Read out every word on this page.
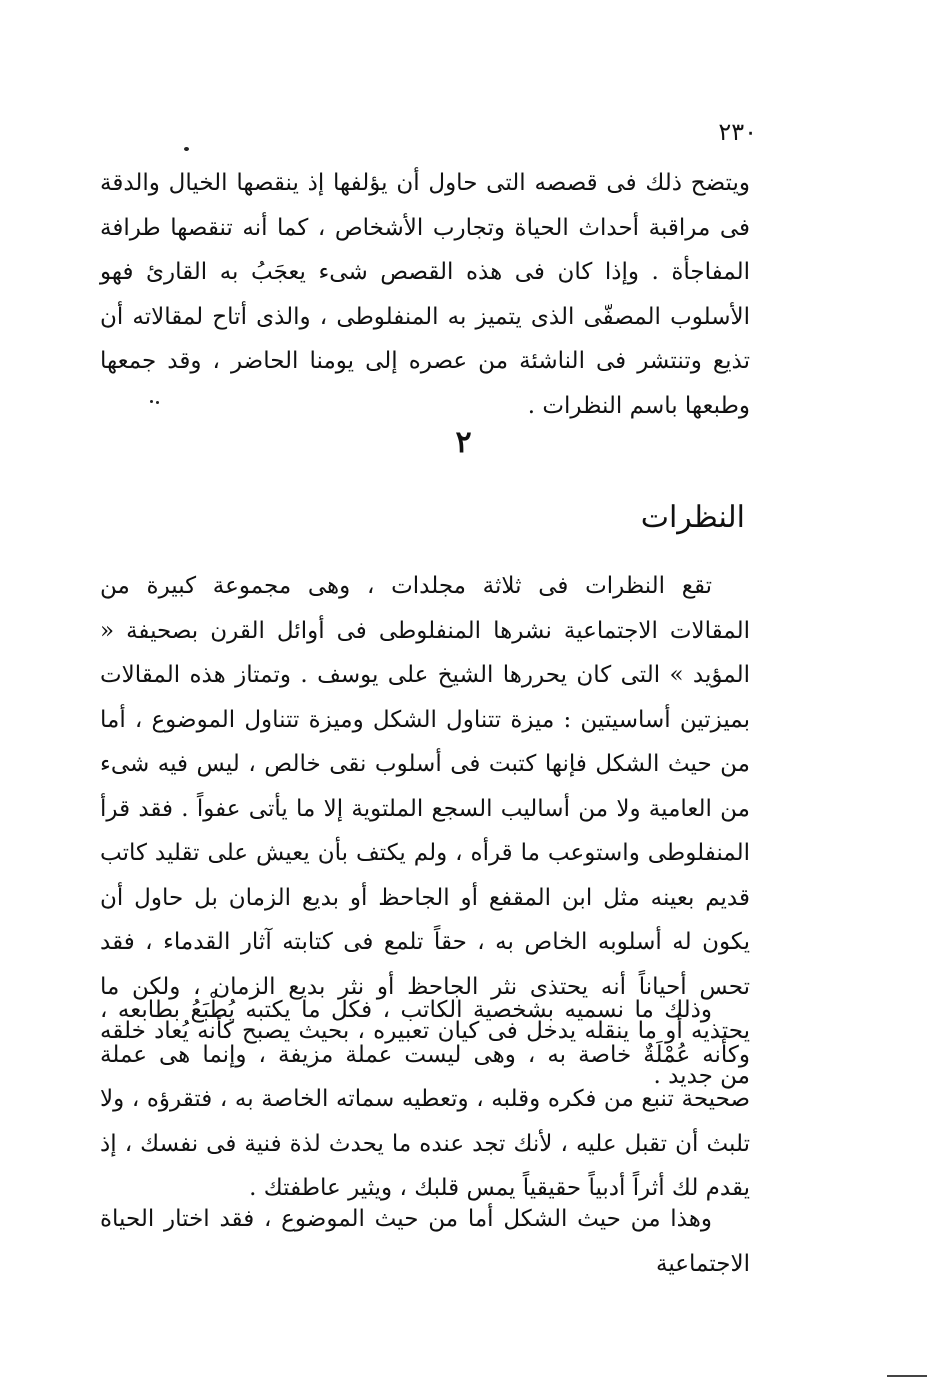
٢٣٠

ويتضح ذلك فى قصصه التى حاول أن يؤلفها إذ ينقصها الخيال والدقة فى مراقبة أحداث الحياة وتجارب الأشخاص ، كما أنه تنقصها طرافة المفاجأة . وإذا كان فى هذه القصص شىء يعجَبُ به القارئ فهو الأسلوب المصفّى الذى يتميز به المنفلوطى ، والذى أتاح لمقالاته أن تذيع وتنتشر فى الناشئة من عصره إلى يومنا الحاضر ، وقد جمعها وطبعها باسم النظرات .

٢
النظرات

تقع النظرات فى ثلاثة مجلدات ، وهى مجموعة كبيرة من المقالات الاجتماعية نشرها المنفلوطى فى أوائل القرن بصحيفة « المؤيد » التى كان يحررها الشيخ على يوسف . وتمتاز هذه المقالات بميزتين أساسيتين : ميزة تتناول الشكل وميزة تتناول الموضوع ، أما من حيث الشكل فإنها كتبت فى أسلوب نقى خالص ، ليس فيه شىء من العامية ولا من أساليب السجع الملتوية إلا ما يأتى عفواً . فقد قرأ المنفلوطى واستوعب ما قرأه ، ولم يكتف بأن يعيش على تقليد كاتب قديم بعينه مثل ابن المقفع أو الجاحظ أو بديع الزمان بل حاول أن يكون له أسلوبه الخاص به ، حقاً تلمع فى كتابته آثار القدماء ، فقد تحس أحياناً أنه يحتذى نثر الجاحظ أو نثر بديع الزمان ، ولكن ما يحتذيه أو ما ينقله يدخل فى كيان تعبيره ، بحيث يصبح كأنه يُعاد خلقه من جديد .

وذلك ما نسميه بشخصية الكاتب ، فكل ما يكتبه يُطْبَعُ بطابعه ، وكأنه عُمْلَةٌ خاصة به ، وهى ليست عملة مزيفة ، وإنما هى عملة صحيحة تنبع من فكره وقلبه ، وتعطيه سماته الخاصة به ، فتقرؤه ، ولا تلبث أن تقبل عليه ، لأنك تجد عنده ما يحدث لذة فنية فى نفسك ، إذ يقدم لك أثراً أدبياً حقيقياً يمس قلبك ، ويثير عاطفتك .

وهذا من حيث الشكل أما من حيث الموضوع ، فقد اختار الحياة الاجتماعية
